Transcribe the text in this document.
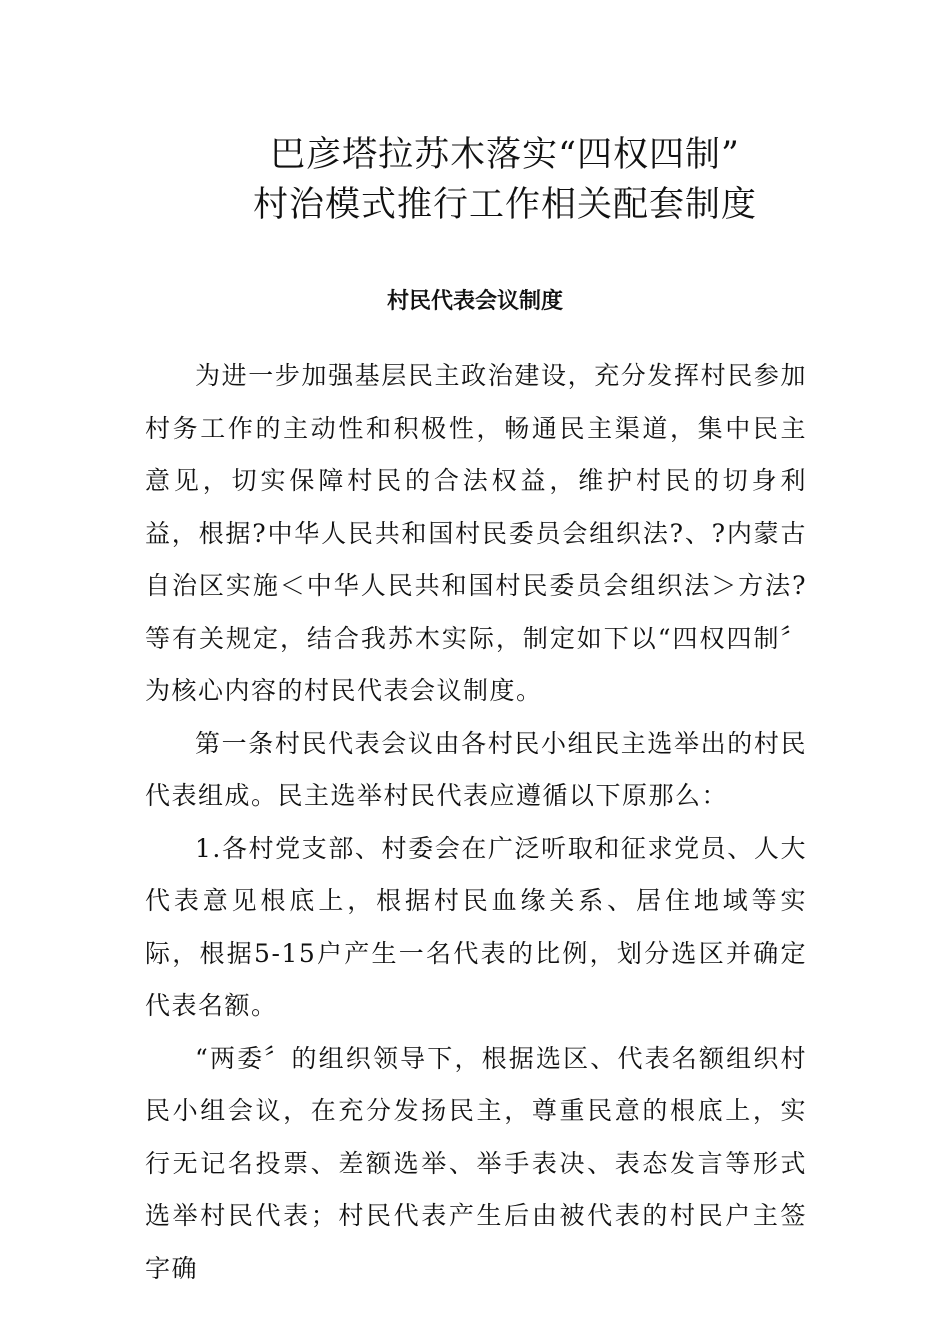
巴彦塔拉苏木落实“四权四制”
村治模式推行工作相关配套制度
村民代表会议制度

为进一步加强基层民主政治建设，充分发挥村民参加村务工作的主动性和积极性，畅通民主渠道，集中民主意见，切实保障村民的合法权益，维护村民的切身利益，根据?中华人民共和国村民委员会组织法?、?内蒙古自治区实施＜中华人民共和国村民委员会组织法＞方法?等有关规定，结合我苏木实际，制定如下以“四权四制〞为核心内容的村民代表会议制度。

第一条村民代表会议由各村民小组民主选举出的村民代表组成。民主选举村民代表应遵循以下原那么：

1.各村党支部、村委会在广泛听取和征求党员、人大代表意见根底上，根据村民血缘关系、居住地域等实际，根据5-15户产生一名代表的比例，划分选区并确定代表名额。

“两委〞的组织领导下，根据选区、代表名额组织村民小组会议，在充分发扬民主，尊重民意的根底上，实行无记名投票、差额选举、举手表决、表态发言等形式选举村民代表；村民代表产生后由被代表的村民户主签字确
